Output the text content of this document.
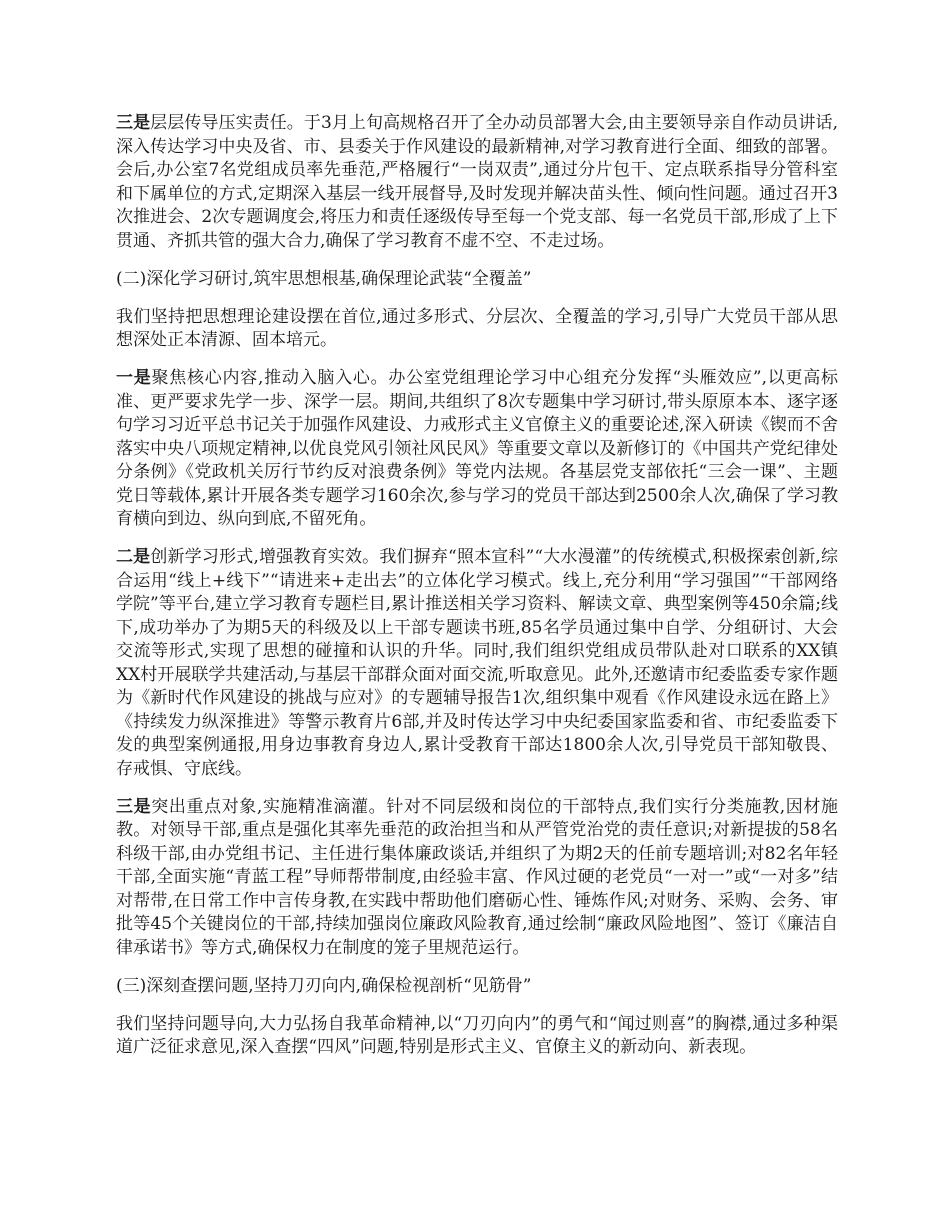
三是层层传导压实责任。于3月上旬高规格召开了全办动员部署大会,由主要领导亲自作动员讲话,深入传达学习中央及省、市、县委关于作风建设的最新精神,对学习教育进行全面、细致的部署。会后,办公室7名党组成员率先垂范,严格履行“一岗双责”,通过分片包干、定点联系指导分管科室和下属单位的方式,定期深入基层一线开展督导,及时发现并解决苗头性、倾向性问题。通过召开3次推进会、2次专题调度会,将压力和责任逐级传导至每一个党支部、每一名党员干部,形成了上下贯通、齐抓共管的强大合力,确保了学习教育不虚不空、不走过场。

(二)深化学习研讨,筑牢思想根基,确保理论武装“全覆盖”

我们坚持把思想理论建设摆在首位,通过多形式、分层次、全覆盖的学习,引导广大党员干部从思想深处正本清源、固本培元。

一是聚焦核心内容,推动入脑入心。办公室党组理论学习中心组充分发挥“头雁效应”,以更高标准、更严要求先学一步、深学一层。期间,共组织了8次专题集中学习研讨,带头原原本本、逐字逐句学习习近平总书记关于加强作风建设、力戒形式主义官僚主义的重要论述,深入研读《锲而不舍落实中央八项规定精神,以优良党风引领社风民风》等重要文章以及新修订的《中国共产党纪律处分条例》《党政机关厉行节约反对浪费条例》等党内法规。各基层党支部依托“三会一课”、主题党日等载体,累计开展各类专题学习160余次,参与学习的党员干部达到2500余人次,确保了学习教育横向到边、纵向到底,不留死角。

二是创新学习形式,增强教育实效。我们摒弃“照本宣科”“大水漫灌”的传统模式,积极探索创新,综合运用“线上+线下”“请进来+走出去”的立体化学习模式。线上,充分利用“学习强国”“干部网络学院”等平台,建立学习教育专题栏目,累计推送相关学习资料、解读文章、典型案例等450余篇;线下,成功举办了为期5天的科级及以上干部专题读书班,85名学员通过集中自学、分组研讨、大会交流等形式,实现了思想的碰撞和认识的升华。同时,我们组织党组成员带队赴对口联系的XX镇XX村开展联学共建活动,与基层干部群众面对面交流,听取意见。此外,还邀请市纪委监委专家作题为《新时代作风建设的挑战与应对》的专题辅导报告1次,组织集中观看《作风建设永远在路上》《持续发力纵深推进》等警示教育片6部,并及时传达学习中央纪委国家监委和省、市纪委监委下发的典型案例通报,用身边事教育身边人,累计受教育干部达1800余人次,引导党员干部知敬畏、存戒惧、守底线。

三是突出重点对象,实施精准滴灌。针对不同层级和岗位的干部特点,我们实行分类施教,因材施教。对领导干部,重点是强化其率先垂范的政治担当和从严管党治党的责任意识;对新提拔的58名科级干部,由办党组书记、主任进行集体廉政谈话,并组织了为期2天的任前专题培训;对82名年轻干部,全面实施“青蓝工程”导师帮带制度,由经验丰富、作风过硬的老党员“一对一”或“一对多”结对帮带,在日常工作中言传身教,在实践中帮助他们磨砺心性、锤炼作风;对财务、采购、会务、审批等45个关键岗位的干部,持续加强岗位廉政风险教育,通过绘制“廉政风险地图”、签订《廉洁自律承诺书》等方式,确保权力在制度的笼子里规范运行。

(三)深刻查摆问题,坚持刀刃向内,确保检视剖析“见筋骨”

我们坚持问题导向,大力弘扬自我革命精神,以“刀刃向内”的勇气和“闻过则喜”的胸襟,通过多种渠道广泛征求意见,深入查摆“四风”问题,特别是形式主义、官僚主义的新动向、新表现。
